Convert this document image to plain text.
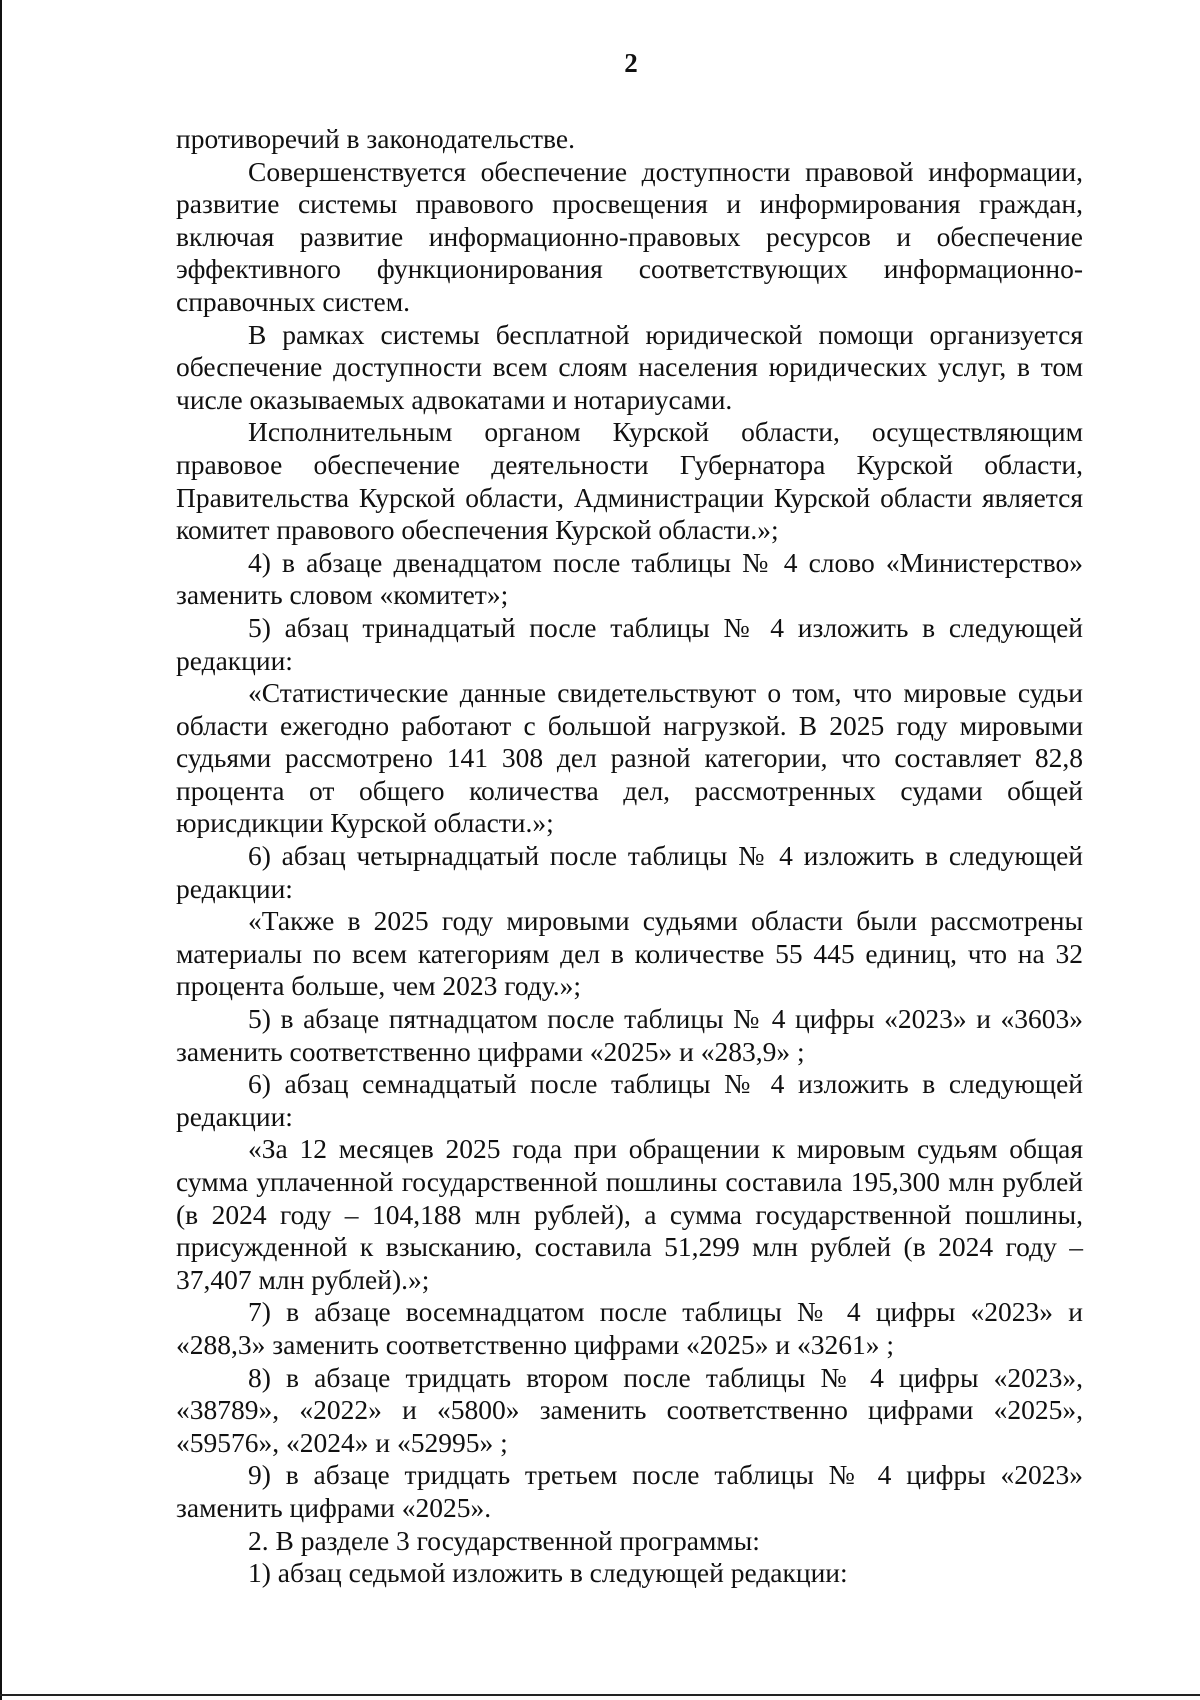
2

противоречий в законодательстве.

Совершенствуется обеспечение доступности правовой информации, развитие системы правового просвещения и информирования граждан, включая развитие информационно-правовых ресурсов и обеспечение эффективного функционирования соответствующих информационно-справочных систем.

В рамках системы бесплатной юридической помощи организуется обеспечение доступности всем слоям населения юридических услуг, в том числе оказываемых адвокатами и нотариусами.

Исполнительным органом Курской области, осуществляющим правовое обеспечение деятельности Губернатора Курской области, Правительства Курской области, Администрации Курской области является комитет правового обеспечения Курской области.»;

4) в абзаце двенадцатом после таблицы № 4 слово «Министерство» заменить словом «комитет»;

5) абзац тринадцатый после таблицы № 4 изложить в следующей редакции:

«Статистические данные свидетельствуют о том, что мировые судьи области ежегодно работают с большой нагрузкой. В 2025 году мировыми судьями рассмотрено 141 308 дел разной категории, что составляет 82,8 процента от общего количества дел, рассмотренных судами общей юрисдикции Курской области.»;

6) абзац четырнадцатый после таблицы № 4 изложить в следующей редакции:

«Также в 2025 году мировыми судьями области были рассмотрены материалы по всем категориям дел в количестве 55 445 единиц, что на 32 процента больше, чем 2023 году.»;

5) в абзаце пятнадцатом после таблицы № 4 цифры «2023» и «3603» заменить соответственно цифрами «2025» и «283,9» ;

6) абзац семнадцатый после таблицы № 4 изложить в следующей редакции:

«За 12 месяцев 2025 года при обращении к мировым судьям общая сумма уплаченной государственной пошлины составила 195,300 млн рублей (в 2024 году – 104,188 млн рублей), а сумма государственной пошлины, присужденной к взысканию, составила 51,299 млн рублей (в 2024 году – 37,407 млн рублей).»;

7) в абзаце восемнадцатом после таблицы № 4 цифры «2023» и «288,3» заменить соответственно цифрами «2025» и «3261» ;

8) в абзаце тридцать втором после таблицы № 4 цифры «2023», «38789», «2022» и «5800» заменить соответственно цифрами «2025», «59576», «2024» и «52995» ;

9) в абзаце тридцать третьем после таблицы № 4 цифры «2023» заменить цифрами «2025».

2. В разделе 3 государственной программы:

1) абзац седьмой изложить в следующей редакции:
